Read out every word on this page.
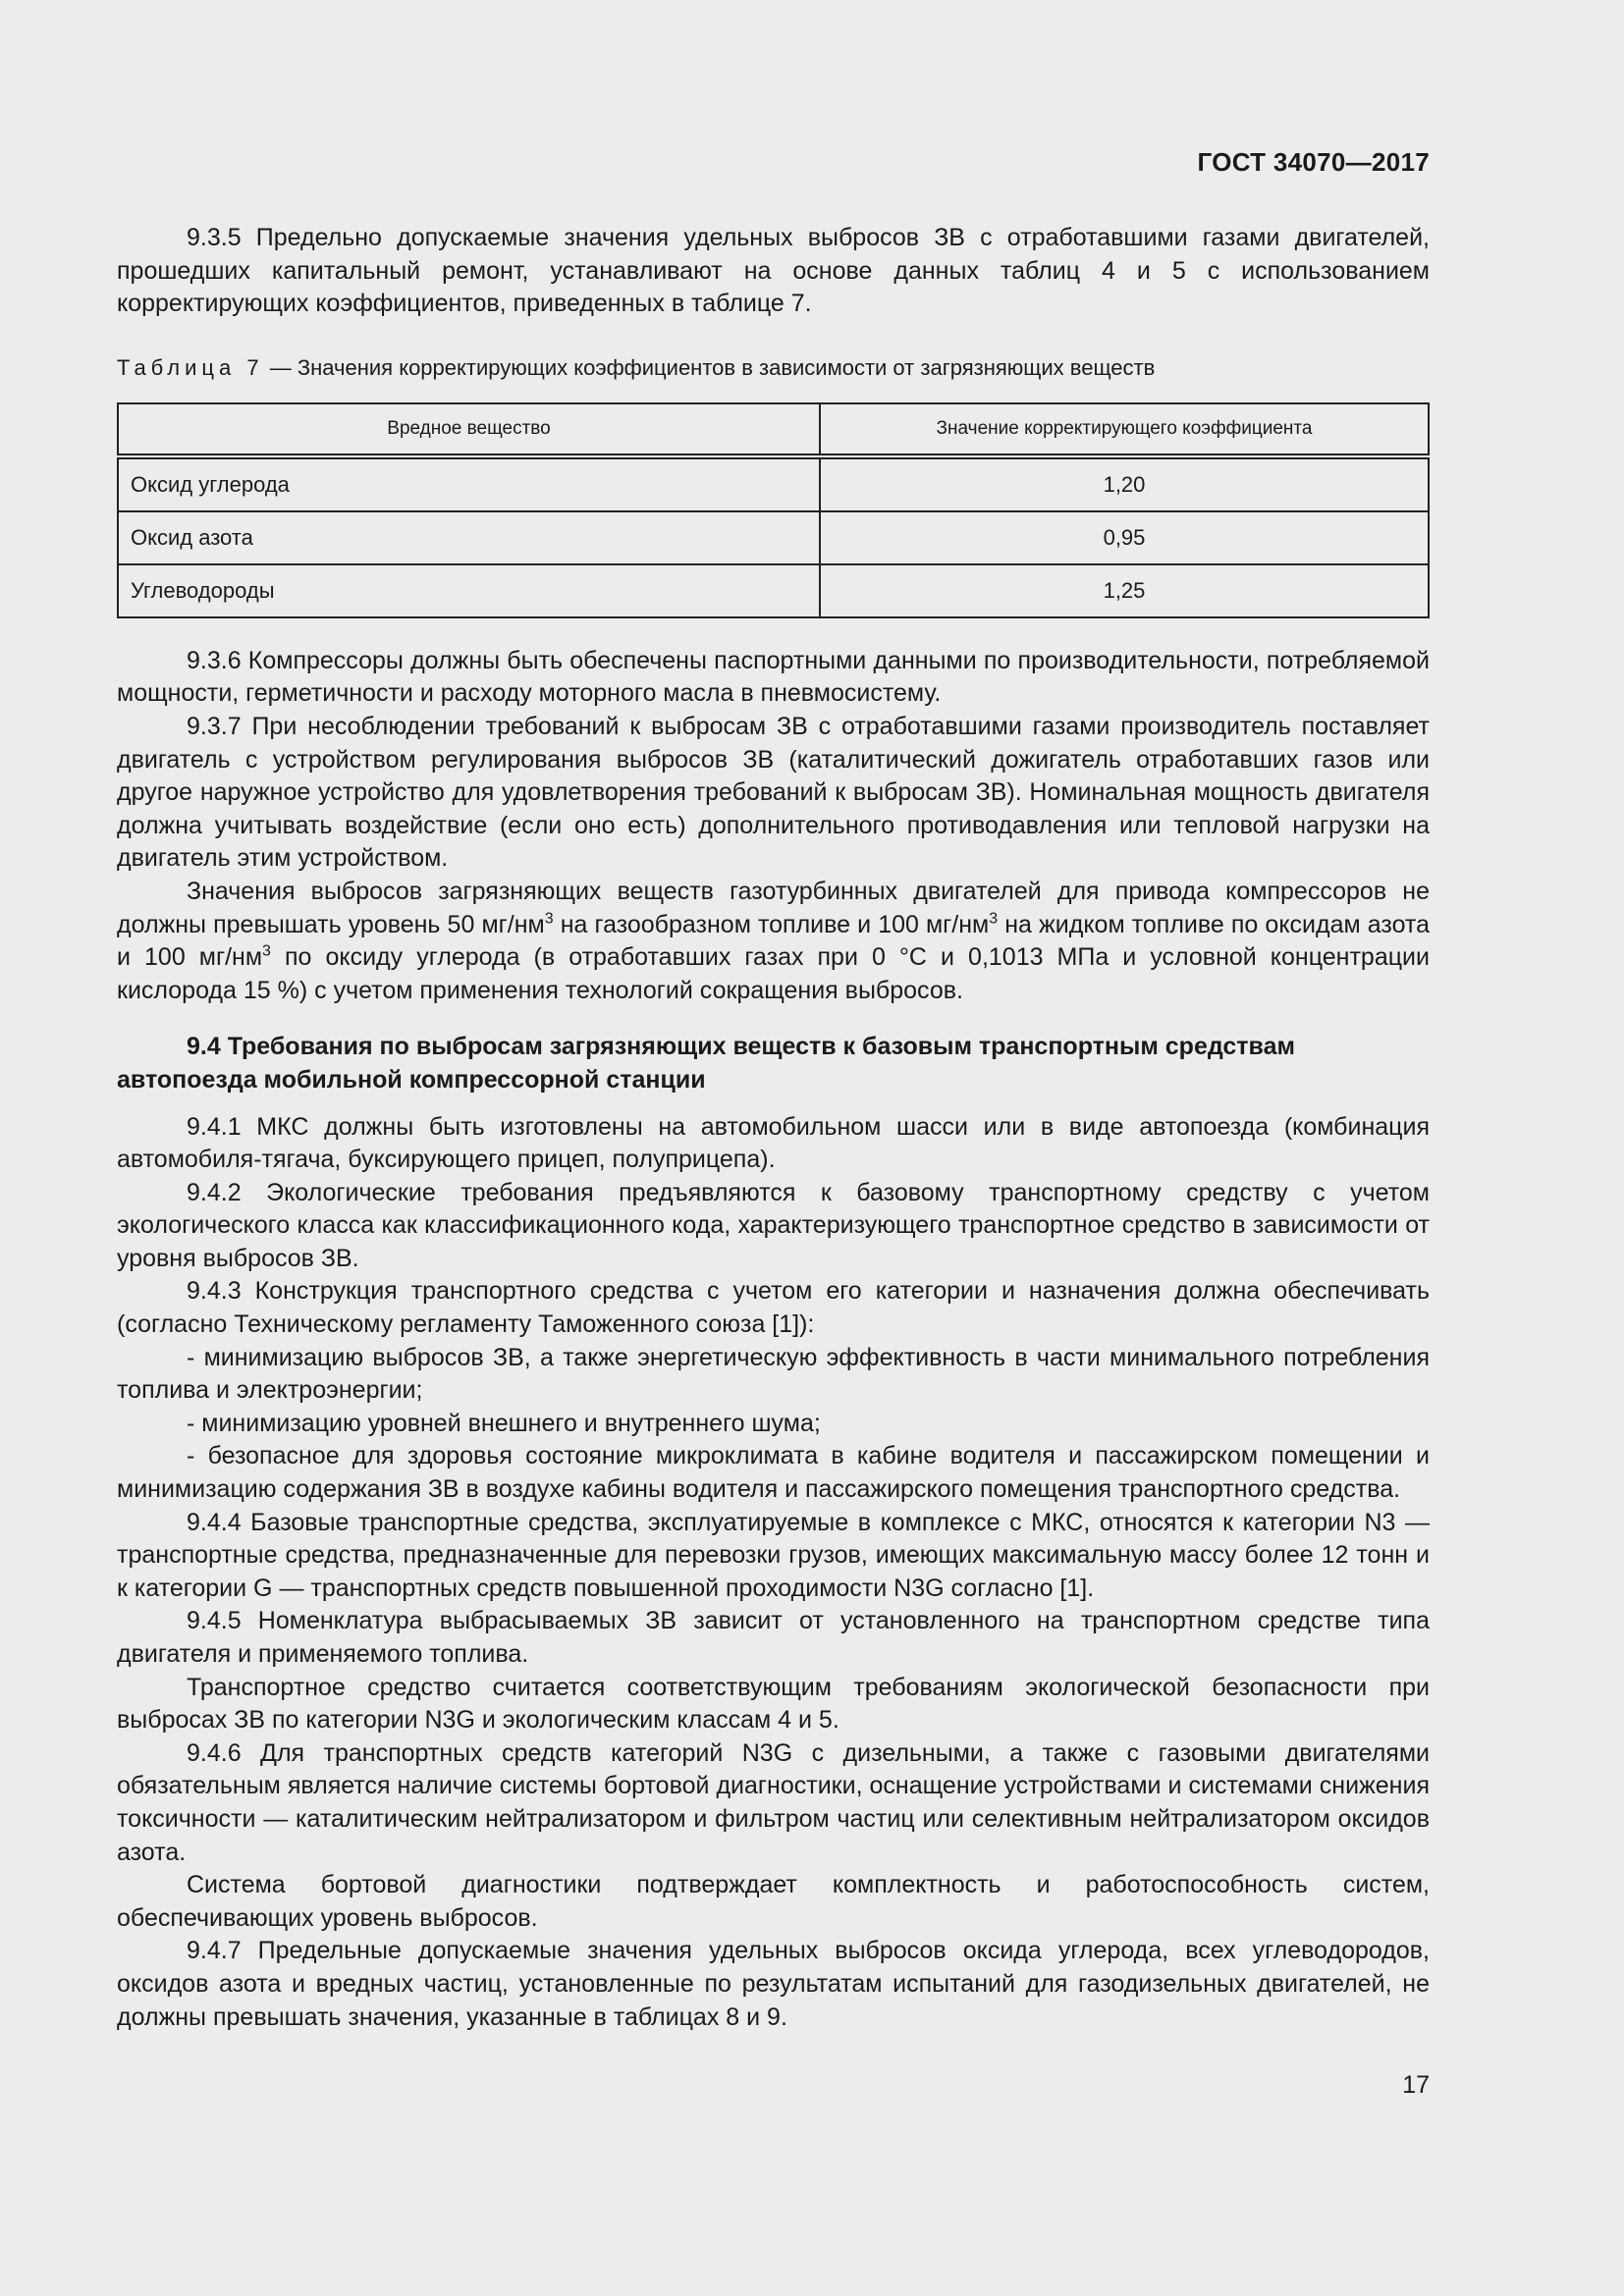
ГОСТ 34070—2017

9.3.5 Предельно допускаемые значения удельных выбросов ЗВ с отработавшими газами двигателей, прошедших капитальный ремонт, устанавливают на основе данных таблиц 4 и 5 с использованием корректирующих коэффициентов, приведенных в таблице 7.

Таблица 7 — Значения корректирующих коэффициентов в зависимости от загрязняющих веществ
Вредное вещество	Значение корректирующего коэффициента
Оксид углерода	1,20
Оксид азота	0,95
Углеводороды	1,25

9.3.6 Компрессоры должны быть обеспечены паспортными данными по производительности, потребляемой мощности, герметичности и расходу моторного масла в пневмосистему.

9.3.7 При несоблюдении требований к выбросам ЗВ с отработавшими газами производитель поставляет двигатель с устройством регулирования выбросов ЗВ (каталитический дожигатель отработавших газов или другое наружное устройство для удовлетворения требований к выбросам ЗВ). Номинальная мощность двигателя должна учитывать воздействие (если оно есть) дополнительного противодавления или тепловой нагрузки на двигатель этим устройством.

Значения выбросов загрязняющих веществ газотурбинных двигателей для привода компрессоров не должны превышать уровень 50 $мг/нм^3$ на газообразном топливе и 100 $мг/нм^3$ на жидком топливе по оксидам азота и 100 $мг/нм^3$ по оксиду углерода (в отработавших газах при 0 °С и 0,1013 МПа и условной концентрации кислорода 15 %) с учетом применения технологий сокращения выбросов.

9.4 Требования по выбросам загрязняющих веществ к базовым транспортным средствам автопоезда мобильной компрессорной станции

9.4.1 МКС должны быть изготовлены на автомобильном шасси или в виде автопоезда (комбинация автомобиля-тягача, буксирующего прицеп, полуприцепа).

9.4.2 Экологические требования предъявляются к базовому транспортному средству с учетом экологического класса как классификационного кода, характеризующего транспортное средство в зависимости от уровня выбросов ЗВ.

9.4.3 Конструкция транспортного средства с учетом его категории и назначения должна обеспечивать (согласно Техническому регламенту Таможенного союза [1]):

- минимизацию выбросов ЗВ, а также энергетическую эффективность в части минимального потребления топлива и электроэнергии;

- минимизацию уровней внешнего и внутреннего шума;

- безопасное для здоровья состояние микроклимата в кабине водителя и пассажирском помещении и минимизацию содержания ЗВ в воздухе кабины водителя и пассажирского помещения транспортного средства.

9.4.4 Базовые транспортные средства, эксплуатируемые в комплексе с МКС, относятся к категории N3 — транспортные средства, предназначенные для перевозки грузов, имеющих максимальную массу более 12 тонн и к категории G — транспортных средств повышенной проходимости N3G согласно [1].

9.4.5 Номенклатура выбрасываемых ЗВ зависит от установленного на транспортном средстве типа двигателя и применяемого топлива.

Транспортное средство считается соответствующим требованиям экологической безопасности при выбросах ЗВ по категории N3G и экологическим классам 4 и 5.

9.4.6 Для транспортных средств категорий N3G с дизельными, а также с газовыми двигателями обязательным является наличие системы бортовой диагностики, оснащение устройствами и системами снижения токсичности — каталитическим нейтрализатором и фильтром частиц или селективным нейтрализатором оксидов азота.

Система бортовой диагностики подтверждает комплектность и работоспособность систем, обеспечивающих уровень выбросов.

9.4.7 Предельные допускаемые значения удельных выбросов оксида углерода, всех углеводородов, оксидов азота и вредных частиц, установленные по результатам испытаний для газодизельных двигателей, не должны превышать значения, указанные в таблицах 8 и 9.

17
